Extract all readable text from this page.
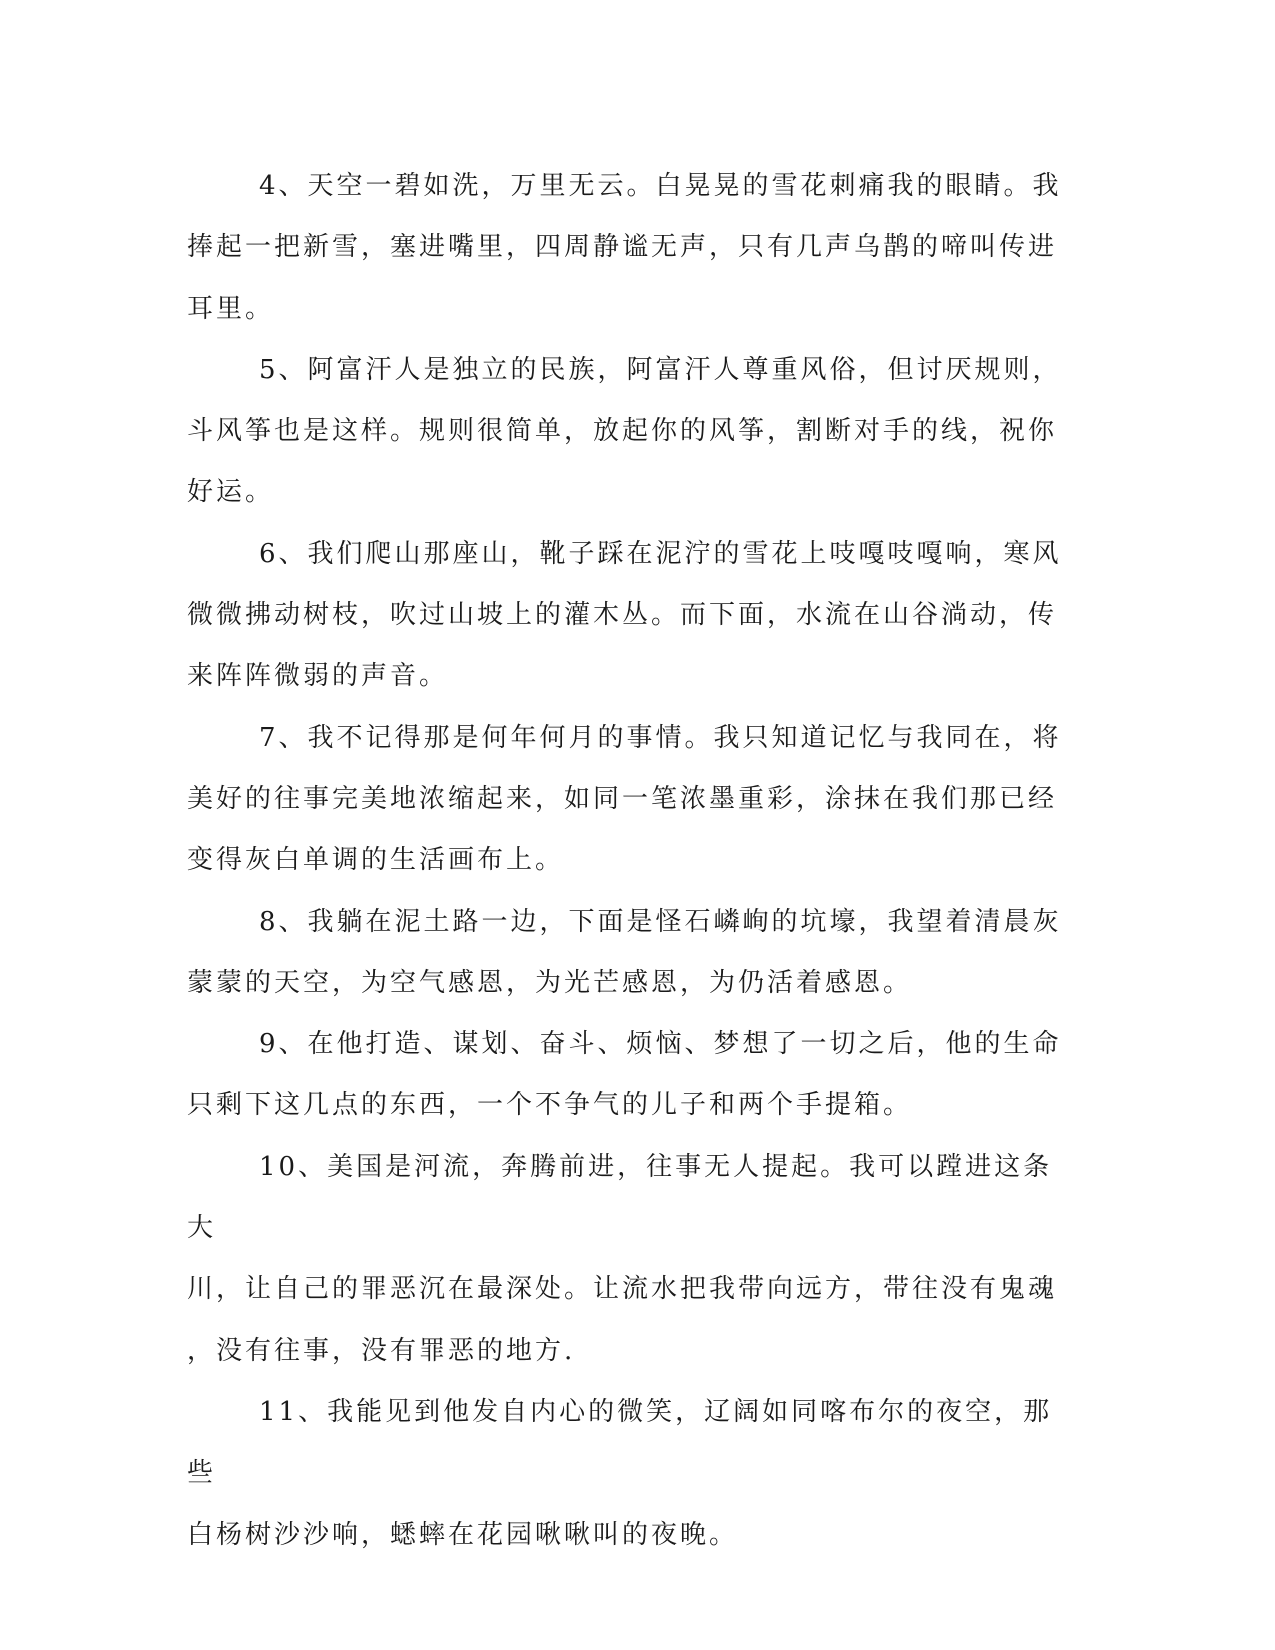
4、天空一碧如洗，万里无云。白晃晃的雪花刺痛我的眼睛。我
捧起一把新雪，塞进嘴里，四周静谧无声，只有几声乌鹊的啼叫传进
耳里。

5、阿富汗人是独立的民族，阿富汗人尊重风俗，但讨厌规则，
斗风筝也是这样。规则很简单，放起你的风筝，割断对手的线，祝你
好运。

6、我们爬山那座山，靴子踩在泥泞的雪花上吱嘎吱嘎响，寒风
微微拂动树枝，吹过山坡上的灌木丛。而下面，水流在山谷淌动，传
来阵阵微弱的声音。

7、我不记得那是何年何月的事情。我只知道记忆与我同在，将
美好的往事完美地浓缩起来，如同一笔浓墨重彩，涂抹在我们那已经
变得灰白单调的生活画布上。

8、我躺在泥土路一边，下面是怪石嶙峋的坑壕，我望着清晨灰
蒙蒙的天空，为空气感恩，为光芒感恩，为仍活着感恩。

9、在他打造、谋划、奋斗、烦恼、梦想了一切之后，他的生命
只剩下这几点的东西，一个不争气的儿子和两个手提箱。

10、美国是河流，奔腾前进，往事无人提起。我可以蹚进这条大
川，让自己的罪恶沉在最深处。让流水把我带向远方，带往没有鬼魂
，没有往事，没有罪恶的地方.

11、我能见到他发自内心的微笑，辽阔如同喀布尔的夜空，那些
白杨树沙沙响，蟋蟀在花园啾啾叫的夜晚。
